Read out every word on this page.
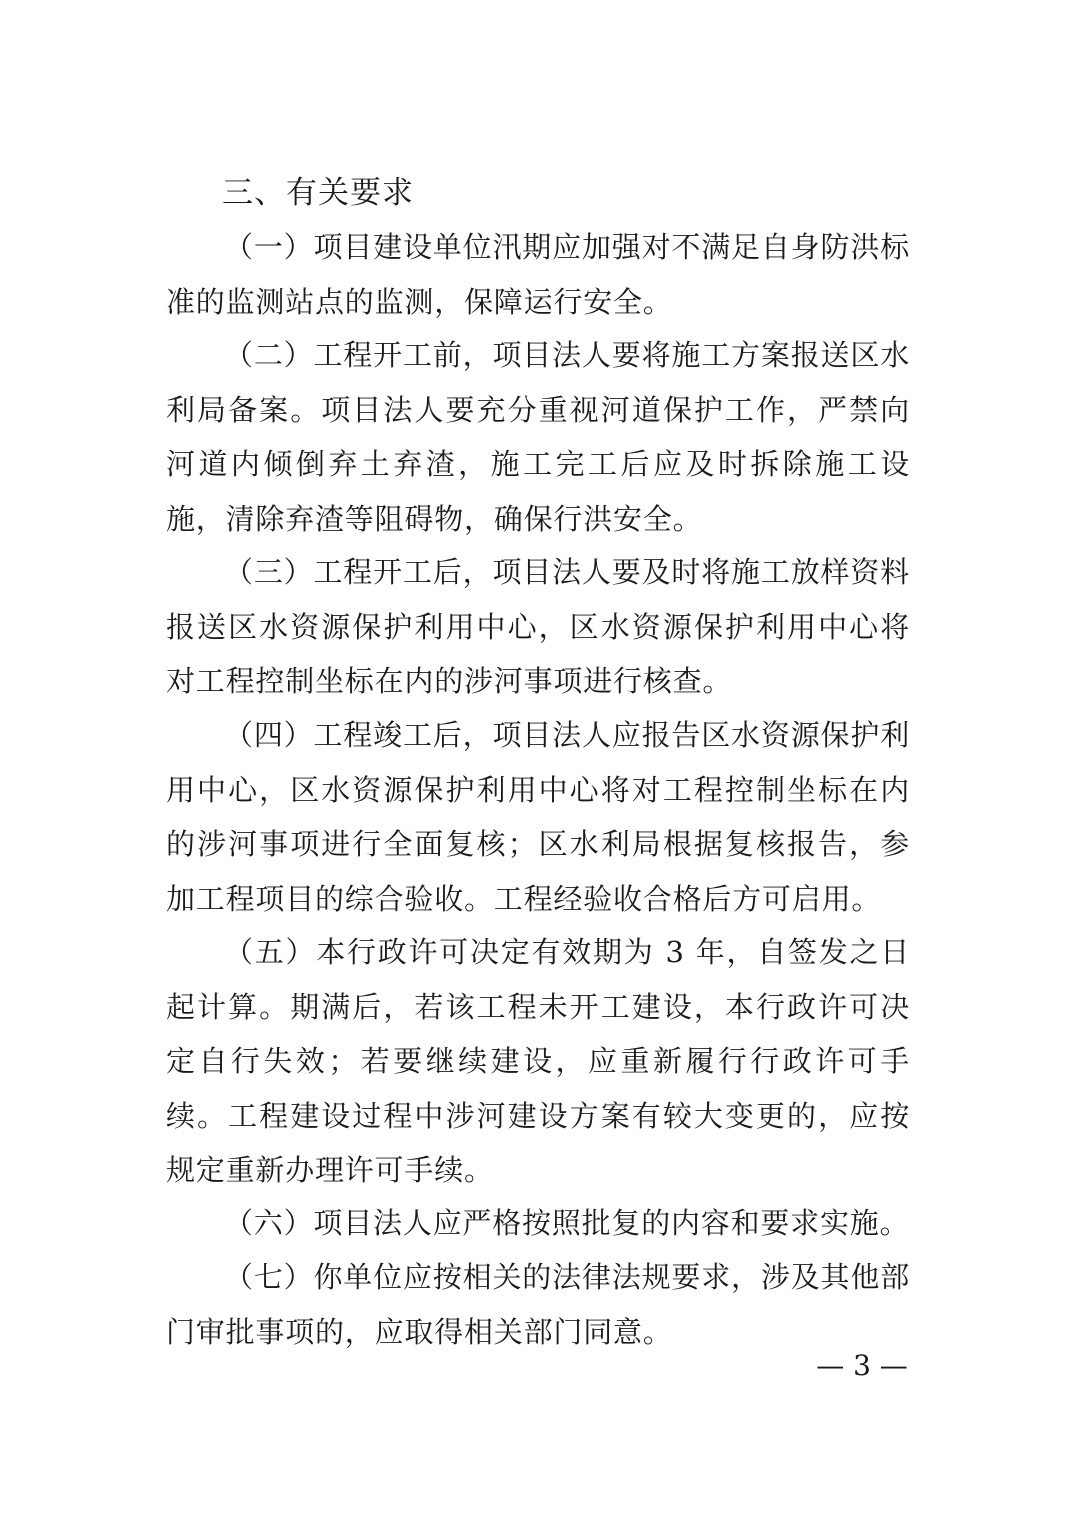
三、有关要求

（一）项目建设单位汛期应加强对不满足自身防洪标准的监测站点的监测，保障运行安全。

（二）工程开工前，项目法人要将施工方案报送区水利局备案。项目法人要充分重视河道保护工作，严禁向河道内倾倒弃土弃渣，施工完工后应及时拆除施工设施，清除弃渣等阻碍物，确保行洪安全。

（三）工程开工后，项目法人要及时将施工放样资料报送区水资源保护利用中心，区水资源保护利用中心将对工程控制坐标在内的涉河事项进行核查。

（四）工程竣工后，项目法人应报告区水资源保护利用中心，区水资源保护利用中心将对工程控制坐标在内的涉河事项进行全面复核；区水利局根据复核报告，参加工程项目的综合验收。工程经验收合格后方可启用。

（五）本行政许可决定有效期为 3 年，自签发之日起计算。期满后，若该工程未开工建设，本行政许可决定自行失效；若要继续建设，应重新履行行政许可手续。工程建设过程中涉河建设方案有较大变更的，应按规定重新办理许可手续。

（六）项目法人应严格按照批复的内容和要求实施。

（七）你单位应按相关的法律法规要求，涉及其他部门审批事项的，应取得相关部门同意。

— 3 —
